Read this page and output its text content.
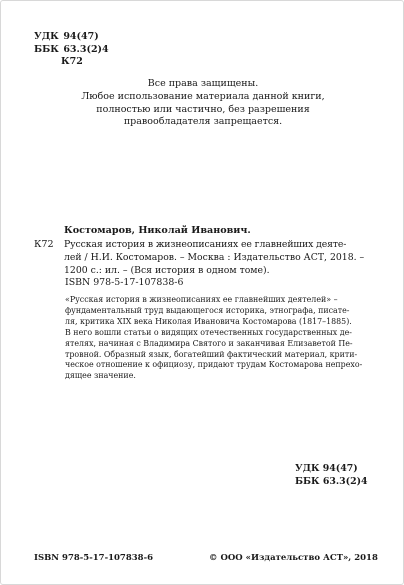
УДК 94(47)
ББК 63.3(2)4
К72
Все права защищены.
Любое использование материала данной книги,
полностью или частично, без разрешения
правообладателя запрещается.
Костомаров, Николай Иванович.
К72 Русская история в жизнеописаниях ее главнейших деяте-
лей / Н.И. Костомаров. – Москва : Издательство АСТ, 2018. –
1200 с.: ил. – (Вся история в одном томе).
ISBN 978-5-17-107838-6
«Русская история в жизнеописаниях ее главнейших деятелей» –
фундаментальный труд выдающегося историка, этнографа, писате-
ля, критика XIX века Николая Ивановича Костомарова (1817–1885).
В него вошли статьи о видящих отечественных государственных де-
ятелях, начиная с Владимира Святого и заканчивая Елизаветой Пе-
тровной. Образный язык, богатейший фактический материал, крити-
ческое отношение к официозу, придают трудам Костомарова непрехо-
дящее значение.
УДК 94(47)
ББК 63.3(2)4
ISBN 978-5-17-107838-6	© ООО «Издательство АСТ», 2018
